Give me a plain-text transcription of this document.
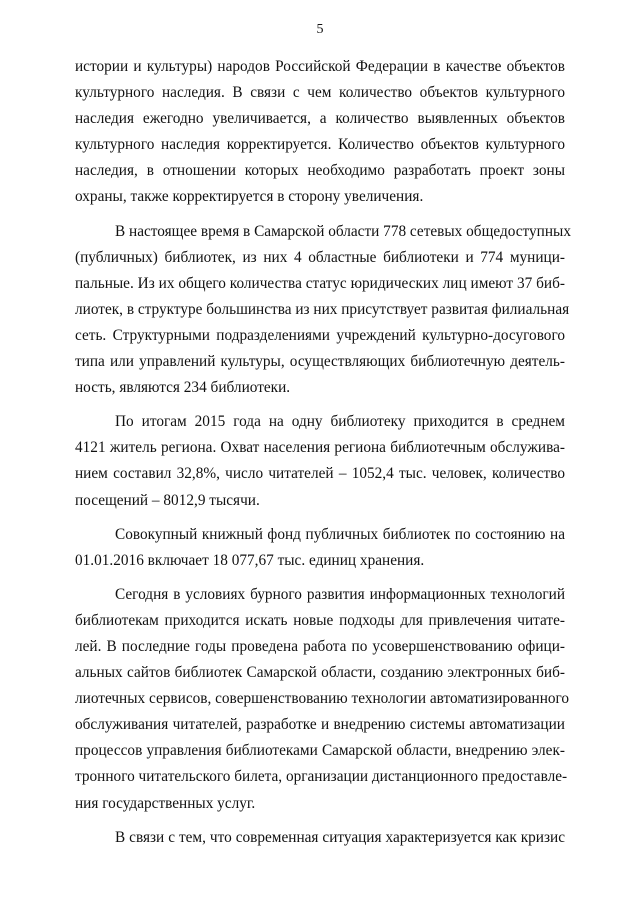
5

истории и культуры) народов Российской Федерации в качестве объектов
культурного наследия. В связи с чем количество объектов культурного
наследия ежегодно увеличивается, а количество выявленных объектов
культурного наследия корректируется. Количество объектов культурного
наследия, в отношении которых необходимо разработать проект зоны
охраны, также корректируется в сторону увеличения.

В настоящее время в Самарской области 778 сетевых общедоступных
(публичных) библиотек, из них 4 областные библиотеки и 774 муници-
пальные. Из их общего количества статус юридических лиц имеют 37 биб-
лиотек, в структуре большинства из них присутствует развитая филиальная
сеть. Структурными подразделениями учреждений культурно-досугового
типа или управлений культуры, осуществляющих библиотечную деятель-
ность, являются 234 библиотеки.

По итогам 2015 года на одну библиотеку приходится в среднем
4121 житель региона. Охват населения региона библиотечным обслужива-
нием составил 32,8%, число читателей – 1052,4 тыс. человек, количество
посещений – 8012,9 тысячи.

Совокупный книжный фонд публичных библиотек по состоянию на
01.01.2016 включает 18 077,67 тыс. единиц хранения.

Сегодня в условиях бурного развития информационных технологий
библиотекам приходится искать новые подходы для привлечения читате-
лей. В последние годы проведена работа по усовершенствованию офици-
альных сайтов библиотек Самарской области, созданию электронных биб-
лиотечных сервисов, совершенствованию технологии автоматизированного
обслуживания читателей, разработке и внедрению системы автоматизации
процессов управления библиотеками Самарской области, внедрению элек-
тронного читательского билета, организации дистанционного предоставле-
ния государственных услуг.

В связи с тем, что современная ситуация характеризуется как кризис
